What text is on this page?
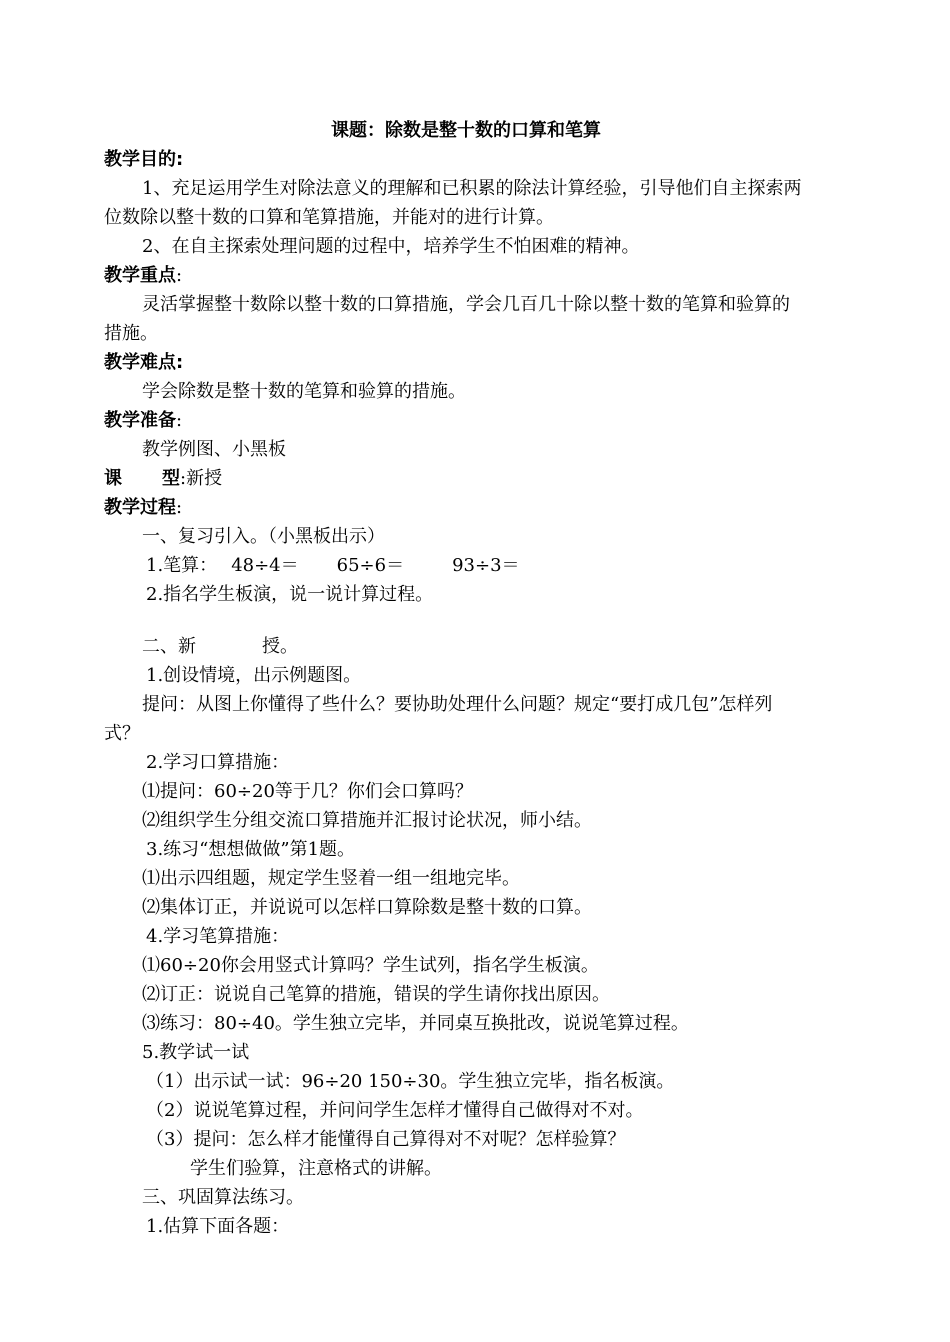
课题：除数是整十数的口算和笔算
教学目的:
1、充足运用学生对除法意义的理解和已积累的除法计算经验，引导他们自主探索两
位数除以整十数的口算和笔算措施，并能对的进行计算。
2、在自主探索处理问题的过程中，培养学生不怕困难的精神。
教学重点:
灵活掌握整十数除以整十数的口算措施，学会几百几十除以整十数的笔算和验算的
措施。
教学难点:
学会除数是整十数的笔算和验算的措施。
教学准备:
教学例图、小黑板
课 型:新授
教学过程:
一、复习引入。（小黑板出示）
1.笔算： 48÷4＝ 65÷6＝	93÷3＝
2.指名学生板演，说一说计算过程。
二、新	授。
1.创设情境，出示例题图。
提问：从图上你懂得了些什么？要协助处理什么问题？规定“要打成几包”怎样列
式？
2.学习口算措施：
⑴提问：60÷20等于几？你们会口算吗？
⑵组织学生分组交流口算措施并汇报讨论状况，师小结。
3.练习“想想做做”第1题。
⑴出示四组题，规定学生竖着一组一组地完毕。
⑵集体订正，并说说可以怎样口算除数是整十数的口算。
4.学习笔算措施：
⑴60÷20你会用竖式计算吗？学生试列，指名学生板演。
⑵订正：说说自己笔算的措施，错误的学生请你找出原因。
⑶练习：80÷40。学生独立完毕，并同桌互换批改，说说笔算过程。
5.教学试一试
（1）出示试一试：96÷20 150÷30。学生独立完毕，指名板演。
（2）说说笔算过程，并问问学生怎样才懂得自己做得对不对。
（3）提问：怎么样才能懂得自己算得对不对呢？怎样验算？
学生们验算，注意格式的讲解。
三、巩固算法练习。
1.估算下面各题：
